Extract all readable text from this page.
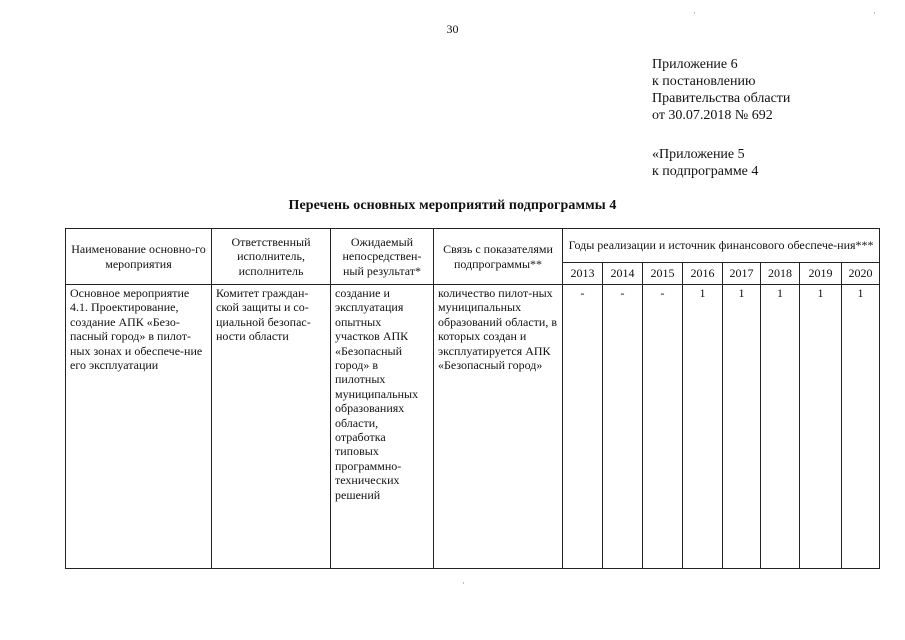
30
Приложение 6
к постановлению
Правительства области
от 30.07.2018 № 692
«Приложение 5
к подпрограмме 4
Перечень основных мероприятий подпрограммы 4
Наименование основно-го мероприятия	Ответственный исполнитель, исполнитель	Ожидаемый непосредствен-ный результат*	Связь с показателями подпрограммы**	Годы реализации и источник финансового обеспече-ния***							
				2013	2014	2015	2016	2017	2018	2019	2020
Основное мероприятие 4.1. Проектирование, создание АПК «Безо-пасный город» в пилот-ных зонах и обеспече-ние его эксплуатации	Комитет граждан-ской защиты и со-циальной безопас-ности области	создание и эксплуатация опытных участков АПК «Безопасный город» в пилотных муниципальных образованиях области, отработка типовых программно-технических решений	количество пилот-ных муниципальных образований области, в которых создан и эксплуатируется АПК «Безопасный город»	-	-	-	1	1	1	1	1
·	·
·
